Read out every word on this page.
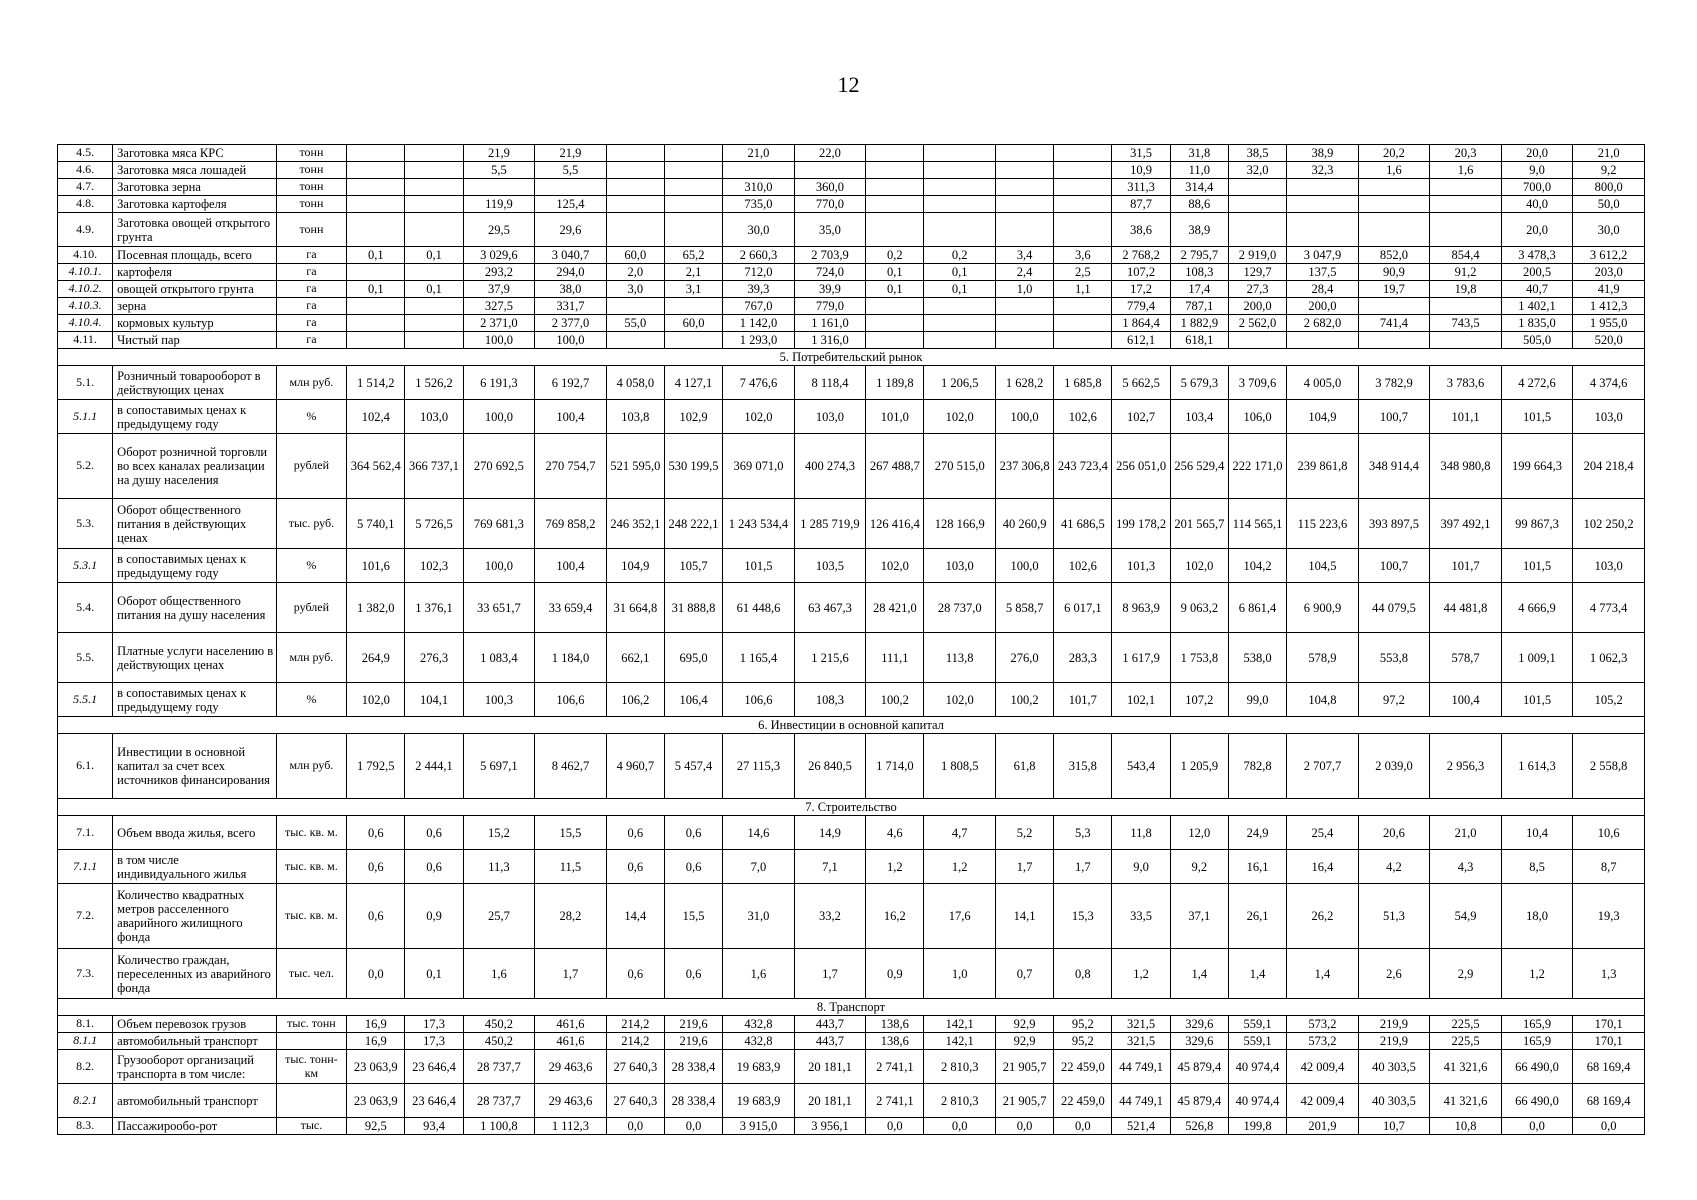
12
4.5.	Заготовка мяса КРС	тонн			21,9	21,9			21,0	22,0					31,5	31,8	38,5	38,9	20,2	20,3	20,0	21,0
4.6.	Заготовка мяса лошадей	тонн			5,5	5,5									10,9	11,0	32,0	32,3	1,6	1,6	9,0	9,2
4.7.	Заготовка зерна	тонн							310,0	360,0					311,3	314,4					700,0	800,0
4.8.	Заготовка картофеля	тонн			119,9	125,4			735,0	770,0					87,7	88,6					40,0	50,0
4.9.	Заготовка овощей открытого грунта	тонн			29,5	29,6			30,0	35,0					38,6	38,9					20,0	30,0
4.10.	Посевная площадь, всего	га	0,1	0,1	3 029,6	3 040,7	60,0	65,2	2 660,3	2 703,9	0,2	0,2	3,4	3,6	2 768,2	2 795,7	2 919,0	3 047,9	852,0	854,4	3 478,3	3 612,2
4.10.1.	картофеля	га			293,2	294,0	2,0	2,1	712,0	724,0	0,1	0,1	2,4	2,5	107,2	108,3	129,7	137,5	90,9	91,2	200,5	203,0
4.10.2.	овощей открытого грунта	га	0,1	0,1	37,9	38,0	3,0	3,1	39,3	39,9	0,1	0,1	1,0	1,1	17,2	17,4	27,3	28,4	19,7	19,8	40,7	41,9
4.10.3.	зерна	га			327,5	331,7			767,0	779,0					779,4	787,1	200,0	200,0			1 402,1	1 412,3
4.10.4.	кормовых культур	га			2 371,0	2 377,0	55,0	60,0	1 142,0	1 161,0					1 864,4	1 882,9	2 562,0	2 682,0	741,4	743,5	1 835,0	1 955,0
4.11.	Чистый пар	га			100,0	100,0			1 293,0	1 316,0					612,1	618,1					505,0	520,0
5. Потребительский рынок																						
5.1.	Розничный товарооборот в действующих ценах	млн руб.	1 514,2	1 526,2	6 191,3	6 192,7	4 058,0	4 127,1	7 476,6	8 118,4	1 189,8	1 206,5	1 628,2	1 685,8	5 662,5	5 679,3	3 709,6	4 005,0	3 782,9	3 783,6	4 272,6	4 374,6
5.1.1	в сопоставимых ценах к предыдущему году	%	102,4	103,0	100,0	100,4	103,8	102,9	102,0	103,0	101,0	102,0	100,0	102,6	102,7	103,4	106,0	104,9	100,7	101,1	101,5	103,0
5.2.	Оборот розничной торговли во всех каналах реализации на душу населения	рублей	364 562,4	366 737,1	270 692,5	270 754,7	521 595,0	530 199,5	369 071,0	400 274,3	267 488,7	270 515,0	237 306,8	243 723,4	256 051,0	256 529,4	222 171,0	239 861,8	348 914,4	348 980,8	199 664,3	204 218,4
5.3.	Оборот общественного питания в действующих ценах	тыс. руб.	5 740,1	5 726,5	769 681,3	769 858,2	246 352,1	248 222,1	1 243 534,4	1 285 719,9	126 416,4	128 166,9	40 260,9	41 686,5	199 178,2	201 565,7	114 565,1	115 223,6	393 897,5	397 492,1	99 867,3	102 250,2
5.3.1	в сопоставимых ценах к предыдущему году	%	101,6	102,3	100,0	100,4	104,9	105,7	101,5	103,5	102,0	103,0	100,0	102,6	101,3	102,0	104,2	104,5	100,7	101,7	101,5	103,0
5.4.	Оборот общественного питания на душу населения	рублей	1 382,0	1 376,1	33 651,7	33 659,4	31 664,8	31 888,8	61 448,6	63 467,3	28 421,0	28 737,0	5 858,7	6 017,1	8 963,9	9 063,2	6 861,4	6 900,9	44 079,5	44 481,8	4 666,9	4 773,4
5.5.	Платные услуги населению в действующих ценах	млн руб.	264,9	276,3	1 083,4	1 184,0	662,1	695,0	1 165,4	1 215,6	111,1	113,8	276,0	283,3	1 617,9	1 753,8	538,0	578,9	553,8	578,7	1 009,1	1 062,3
5.5.1	в сопоставимых ценах к предыдущему году	%	102,0	104,1	100,3	106,6	106,2	106,4	106,6	108,3	100,2	102,0	100,2	101,7	102,1	107,2	99,0	104,8	97,2	100,4	101,5	105,2
6. Инвестиции в основной капитал																						
6.1.	Инвестиции в основной капитал за счет всех источников финансирования	млн руб.	1 792,5	2 444,1	5 697,1	8 462,7	4 960,7	5 457,4	27 115,3	26 840,5	1 714,0	1 808,5	61,8	315,8	543,4	1 205,9	782,8	2 707,7	2 039,0	2 956,3	1 614,3	2 558,8
7. Строительство																						
7.1.	Объем ввода жилья, всего	тыс. кв. м.	0,6	0,6	15,2	15,5	0,6	0,6	14,6	14,9	4,6	4,7	5,2	5,3	11,8	12,0	24,9	25,4	20,6	21,0	10,4	10,6
7.1.1	в том числе индивидуального жилья	тыс. кв. м.	0,6	0,6	11,3	11,5	0,6	0,6	7,0	7,1	1,2	1,2	1,7	1,7	9,0	9,2	16,1	16,4	4,2	4,3	8,5	8,7
7.2.	Количество квадратных метров расселенного аварийного жилищного фонда	тыс. кв. м.	0,6	0,9	25,7	28,2	14,4	15,5	31,0	33,2	16,2	17,6	14,1	15,3	33,5	37,1	26,1	26,2	51,3	54,9	18,0	19,3
7.3.	Количество граждан, переселенных из аварийного фонда	тыс. чел.	0,0	0,1	1,6	1,7	0,6	0,6	1,6	1,7	0,9	1,0	0,7	0,8	1,2	1,4	1,4	1,4	2,6	2,9	1,2	1,3
8. Транспорт																						
8.1.	Объем перевозок грузов	тыс. тонн	16,9	17,3	450,2	461,6	214,2	219,6	432,8	443,7	138,6	142,1	92,9	95,2	321,5	329,6	559,1	573,2	219,9	225,5	165,9	170,1
8.1.1	автомобильный транспорт		16,9	17,3	450,2	461,6	214,2	219,6	432,8	443,7	138,6	142,1	92,9	95,2	321,5	329,6	559,1	573,2	219,9	225,5	165,9	170,1
8.2.	Грузооборот организаций транспорта в том числе:	тыс. тонн-км	23 063,9	23 646,4	28 737,7	29 463,6	27 640,3	28 338,4	19 683,9	20 181,1	2 741,1	2 810,3	21 905,7	22 459,0	44 749,1	45 879,4	40 974,4	42 009,4	40 303,5	41 321,6	66 490,0	68 169,4
8.2.1	автомобильный транспорт		23 063,9	23 646,4	28 737,7	29 463,6	27 640,3	28 338,4	19 683,9	20 181,1	2 741,1	2 810,3	21 905,7	22 459,0	44 749,1	45 879,4	40 974,4	42 009,4	40 303,5	41 321,6	66 490,0	68 169,4
8.3.	Пассажирообо-рот	тыс.	92,5	93,4	1 100,8	1 112,3	0,0	0,0	3 915,0	3 956,1	0,0	0,0	0,0	0,0	521,4	526,8	199,8	201,9	10,7	10,8	0,0	0,0
